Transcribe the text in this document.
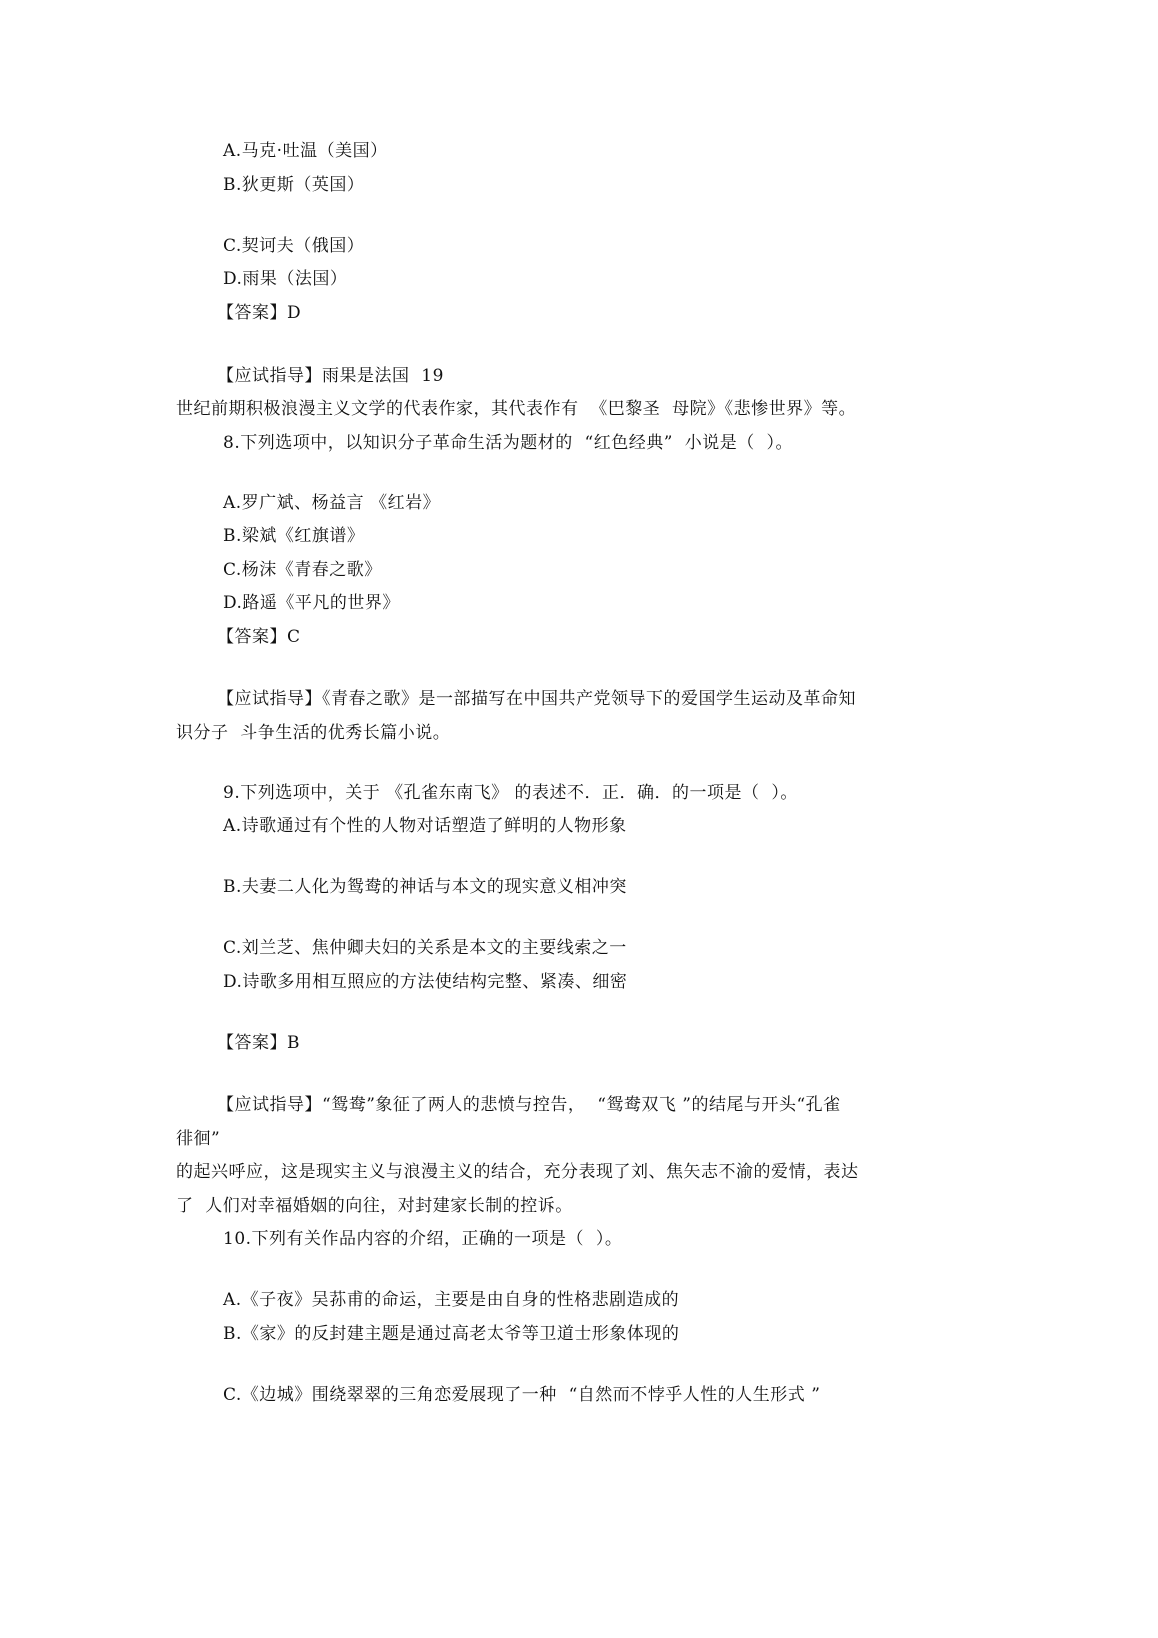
A.马克·吐温（美国）
B.狄更斯（英国）
C.契诃夫（俄国）
D.雨果（法国）
【答案】D
【应试指导】雨果是法国  19
世纪前期积极浪漫主义文学的代表作家，其代表作有  《巴黎圣  母院》《悲惨世界》等。
8.下列选项中，以知识分子革命生活为题材的  “红色经典”  小说是（  ）。
A.罗广斌、杨益言 《红岩》
B.梁斌《红旗谱》
C.杨沫《青春之歌》
D.路遥《平凡的世界》
【答案】C
【应试指导】《青春之歌》是一部描写在中国共产党领导下的爱国学生运动及革命知
识分子  斗争生活的优秀长篇小说。
9.下列选项中，关于 《孔雀东南飞》 的表述不．正．确．的一项是（  ）。
A.诗歌通过有个性的人物对话塑造了鲜明的人物形象
B.夫妻二人化为鸳鸯的神话与本文的现实意义相冲突
C.刘兰芝、焦仲卿夫妇的关系是本文的主要线索之一
D.诗歌多用相互照应的方法使结构完整、紧凑、细密
【答案】B
【应试指导】“鸳鸯”象征了两人的悲愤与控告，  “鸳鸯双飞 ”的结尾与开头“孔雀
徘徊”
的起兴呼应，这是现实主义与浪漫主义的结合，充分表现了刘、焦矢志不渝的爱情，表达
了  人们对幸福婚姻的向往，对封建家长制的控诉。
10.下列有关作品内容的介绍，正确的一项是（  ）。
A.《子夜》吴荪甫的命运，主要是由自身的性格悲剧造成的
B.《家》的反封建主题是通过高老太爷等卫道士形象体现的
C.《边城》围绕翠翠的三角恋爱展现了一种  “自然而不悖乎人性的人生形式 ”
